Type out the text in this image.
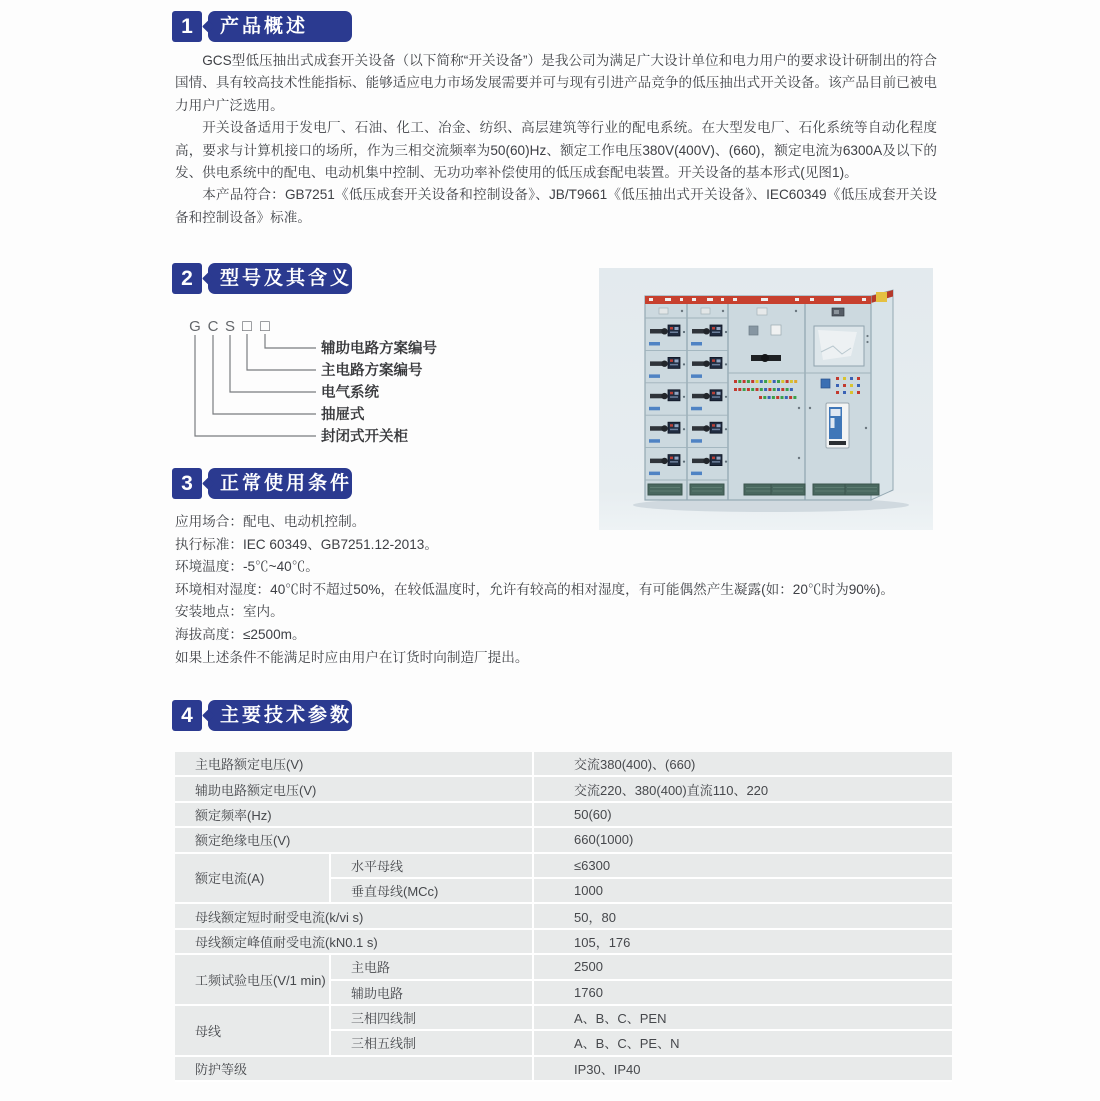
1	产品概述

GCS型低压抽出式成套开关设备（以下简称“开关设备”）是我公司为满足广大设计单位和电力用户的要求设计研制出的符合国情、具有较高技术性能指标、能够适应电力市场发展需要并可与现有引进产品竞争的低压抽出式开关设备。该产品目前已被电力用户广泛选用。

开关设备适用于发电厂、石油、化工、冶金、纺织、高层建筑等行业的配电系统。在大型发电厂、石化系统等自动化程度高，要求与计算机接口的场所，作为三相交流频率为50(60)Hz、额定工作电压380V(400V)、(660)，额定电流为6300A及以下的发、供电系统中的配电、电动机集中控制、无功功率补偿使用的低压成套配电装置。开关设备的基本形式(见图1)。

本产品符合：GB7251《低压成套开关设备和控制设备》、JB/T9661《低压抽出式开关设备》、IEC60349《低压成套开关设备和控制设备》标准。

2	型号及其含义
G C S □ □
辅助电路方案编号
主电路方案编号
电气系统
抽屉式
封闭式开关柜
3	正常使用条件
应用场合：配电、电动机控制。
执行标准：IEC 60349、GB7251.12-2013。
环境温度：-5℃~40℃。
环境相对湿度：40℃时不超过50%，在较低温度时，允许有较高的相对湿度，有可能偶然产生凝露(如：20℃时为90%)。
安装地点：室内。
海拔高度：≤2500m。
如果上述条件不能满足时应由用户在订货时向制造厂提出。
4	主要技术参数
主电路额定电压(V)		交流380(400)、(660)
辅助电路额定电压(V)		交流220、380(400)直流110、220
额定频率(Hz)		50(60)
额定绝缘电压(V)		660(1000)
额定电流(A)	水平母线	≤6300
	垂直母线(MCc)	1000
母线额定短时耐受电流(k/vi s)		50，80
母线额定峰值耐受电流(kN0.1 s)		105，176
工频试验电压(V/1 min)	主电路	2500
	辅助电路	1760
母线	三相四线制	A、B、C、PEN
	三相五线制	A、B、C、PE、N
防护等级		IP30、IP40
